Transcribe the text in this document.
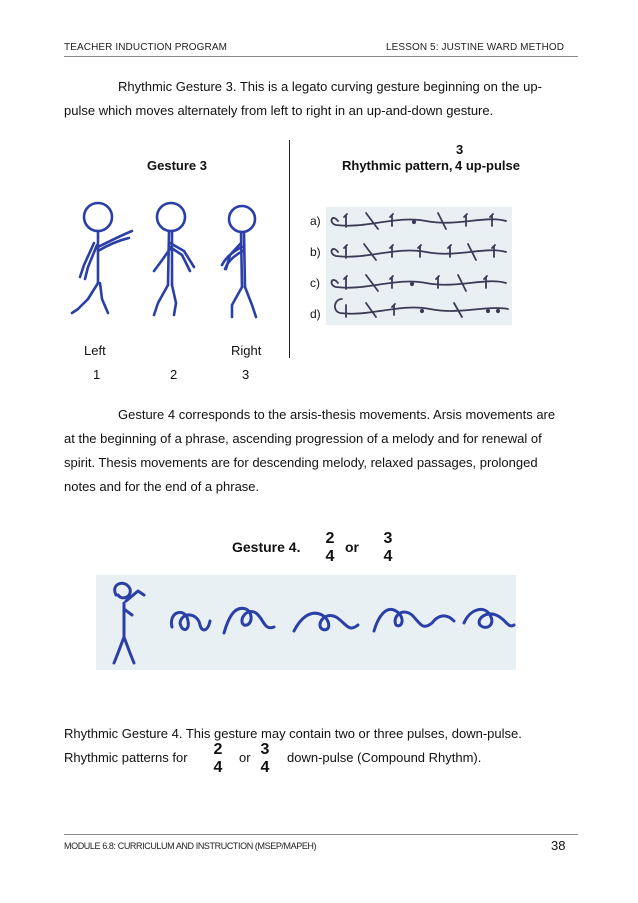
TEACHER INDUCTION PROGRAM	LESSON 5: JUSTINE WARD METHOD
Rhythmic Gesture 3. This is a legato curving gesture beginning on the up-
pulse which moves alternately from left to right in an up-and-down gesture.
Gesture 3
Left	Right
1	2	3
3
Rhythmic pattern, 4 up-pulse
a)
b)
c)
d)
Gesture 4 corresponds to the arsis-thesis movements. Arsis movements are
at the beginning of a phrase, ascending progression of a melody and for renewal of
spirit. Thesis movements are for descending melody, relaxed passages, prolonged
notes and for the end of a phrase.
Gesture 4. 2
4
or 3
4
Rhythmic Gesture 4. This gesture may contain two or three pulses, down-pulse.
Rhythmic patterns for 2
4
or 3
4
down-pulse (Compound Rhythm).
MODULE 6.8: CURRICULUM AND INSTRUCTION (MSEP/MAPEH)	38
